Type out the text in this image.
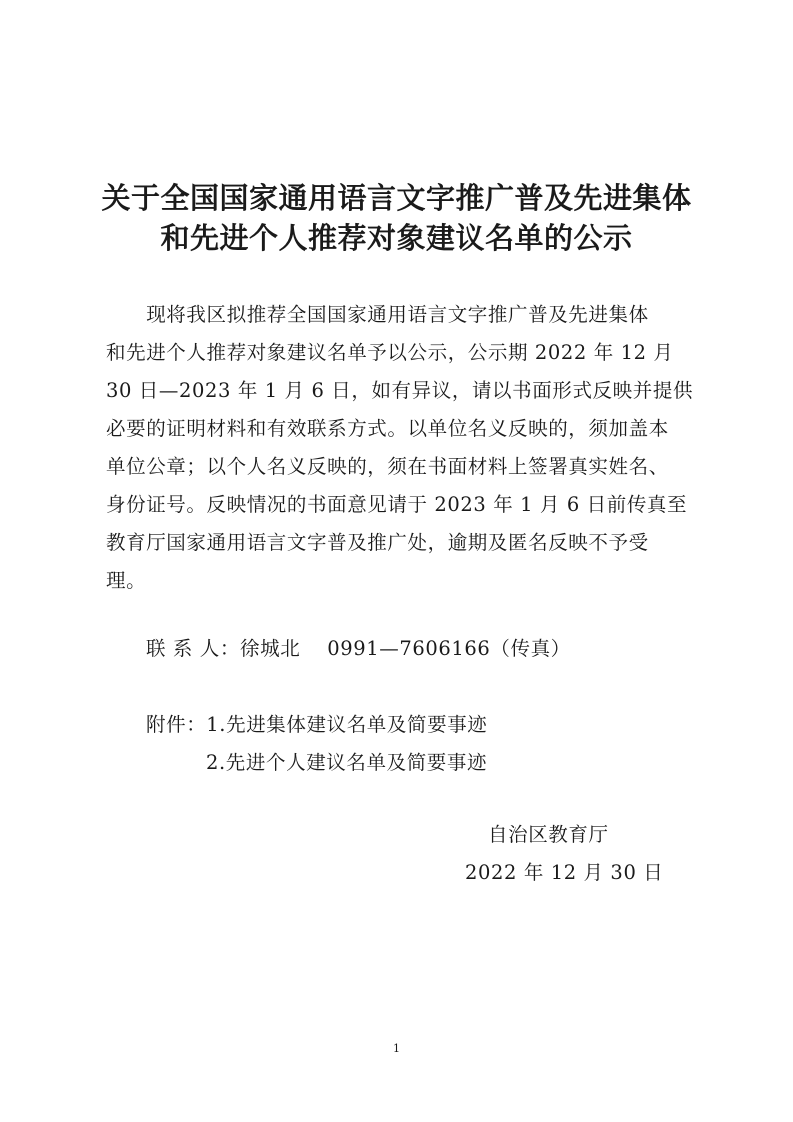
关于全国国家通用语言文字推广普及先进集体
和先进个人推荐对象建议名单的公示
　　现将我区拟推荐全国国家通用语言文字推广普及先进集体
和先进个人推荐对象建议名单予以公示，公示期 2022 年 12 月
30 日—2023 年 1 月 6 日，如有异议，请以书面形式反映并提供
必要的证明材料和有效联系方式。以单位名义反映的，须加盖本
单位公章；以个人名义反映的，须在书面材料上签署真实姓名、
身份证号。反映情况的书面意见请于 2023 年 1 月 6 日前传真至
教育厅国家通用语言文字普及推广处，逾期及匿名反映不予受
理。
联 系 人：徐城北　 0991—7606166（传真）
附件：1.先进集体建议名单及简要事迹
2.先进个人建议名单及简要事迹
自治区教育厅
2022 年 12 月 30 日
1
